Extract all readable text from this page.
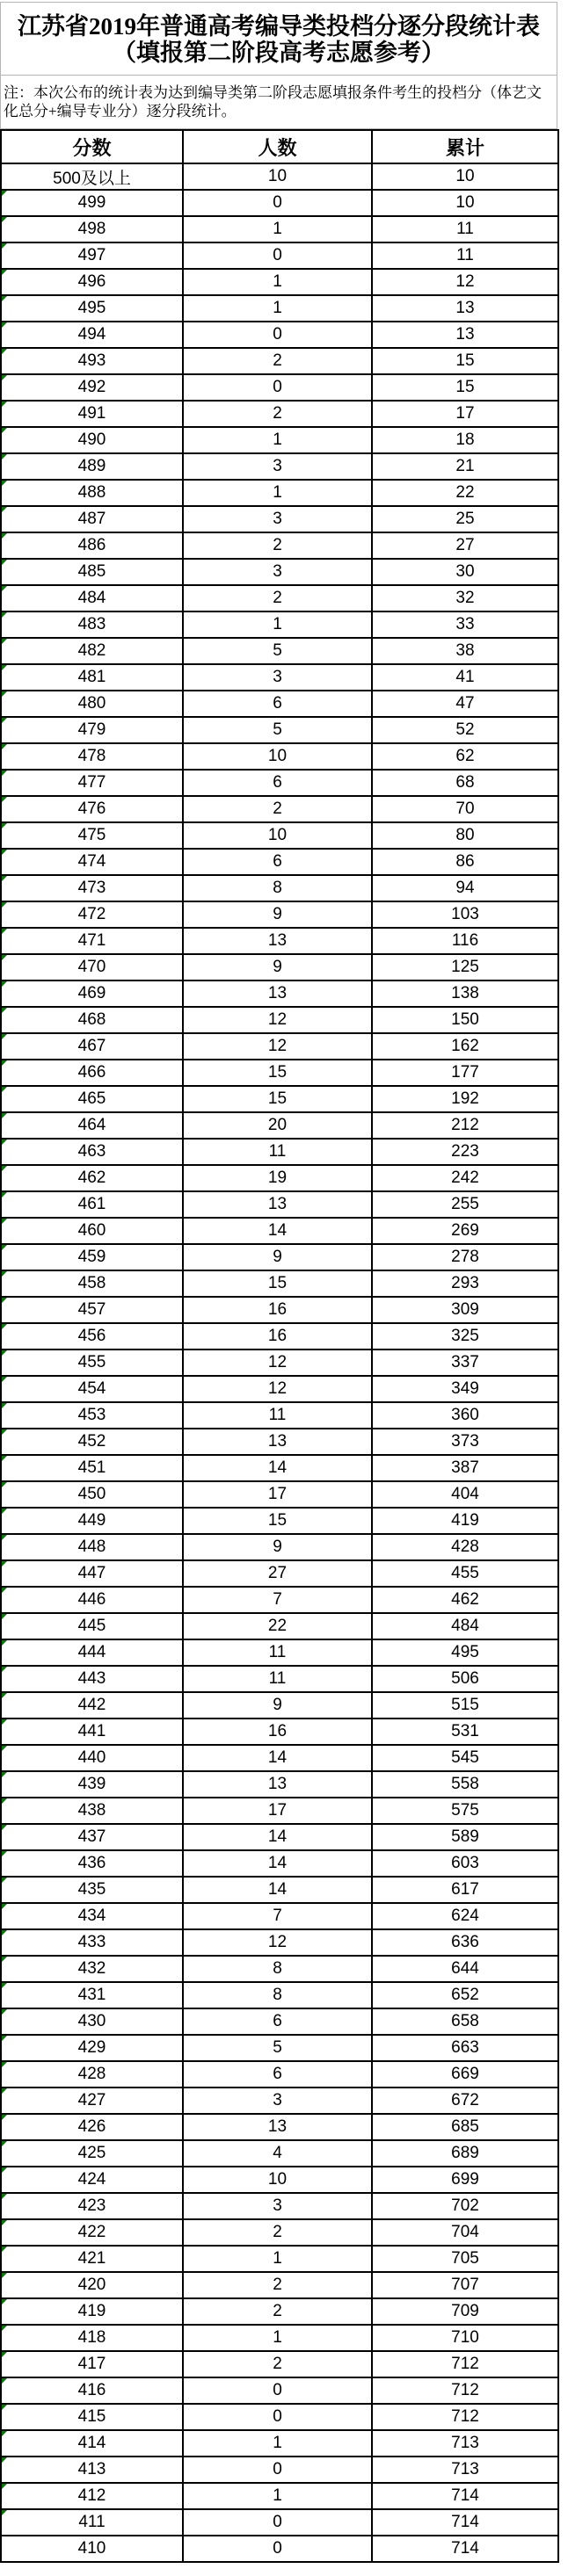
江苏省2019年普通高考编导类投档分逐分段统计表
（填报第二阶段高考志愿参考）
注：本次公布的统计表为达到编导类第二阶段志愿填报条件考生的投档分（体艺文化总分+编导专业分）逐分段统计。
分数	人数	累计
500及以上	10	10

499	0	10

498	1	11

497	0	11

496	1	12

495	1	13

494	0	13

493	2	15

492	0	15

491	2	17

490	1	18

489	3	21

488	1	22

487	3	25

486	2	27

485	3	30

484	2	32

483	1	33

482	5	38

481	3	41

480	6	47

479	5	52

478	10	62

477	6	68

476	2	70

475	10	80

474	6	86

473	8	94

472	9	103

471	13	116

470	9	125

469	13	138

468	12	150

467	12	162

466	15	177

465	15	192

464	20	212

463	11	223

462	19	242

461	13	255

460	14	269

459	9	278

458	15	293

457	16	309

456	16	325

455	12	337

454	12	349

453	11	360

452	13	373

451	14	387

450	17	404

449	15	419

448	9	428

447	27	455

446	7	462

445	22	484

444	11	495

443	11	506

442	9	515

441	16	531

440	14	545

439	13	558

438	17	575

437	14	589

436	14	603

435	14	617

434	7	624

433	12	636

432	8	644

431	8	652

430	6	658

429	5	663

428	6	669

427	3	672

426	13	685

425	4	689

424	10	699

423	3	702

422	2	704

421	1	705

420	2	707

419	2	709

418	1	710

417	2	712

416	0	712

415	0	712

414	1	713

413	0	713

412	1	714

411	0	714
410	0	714
